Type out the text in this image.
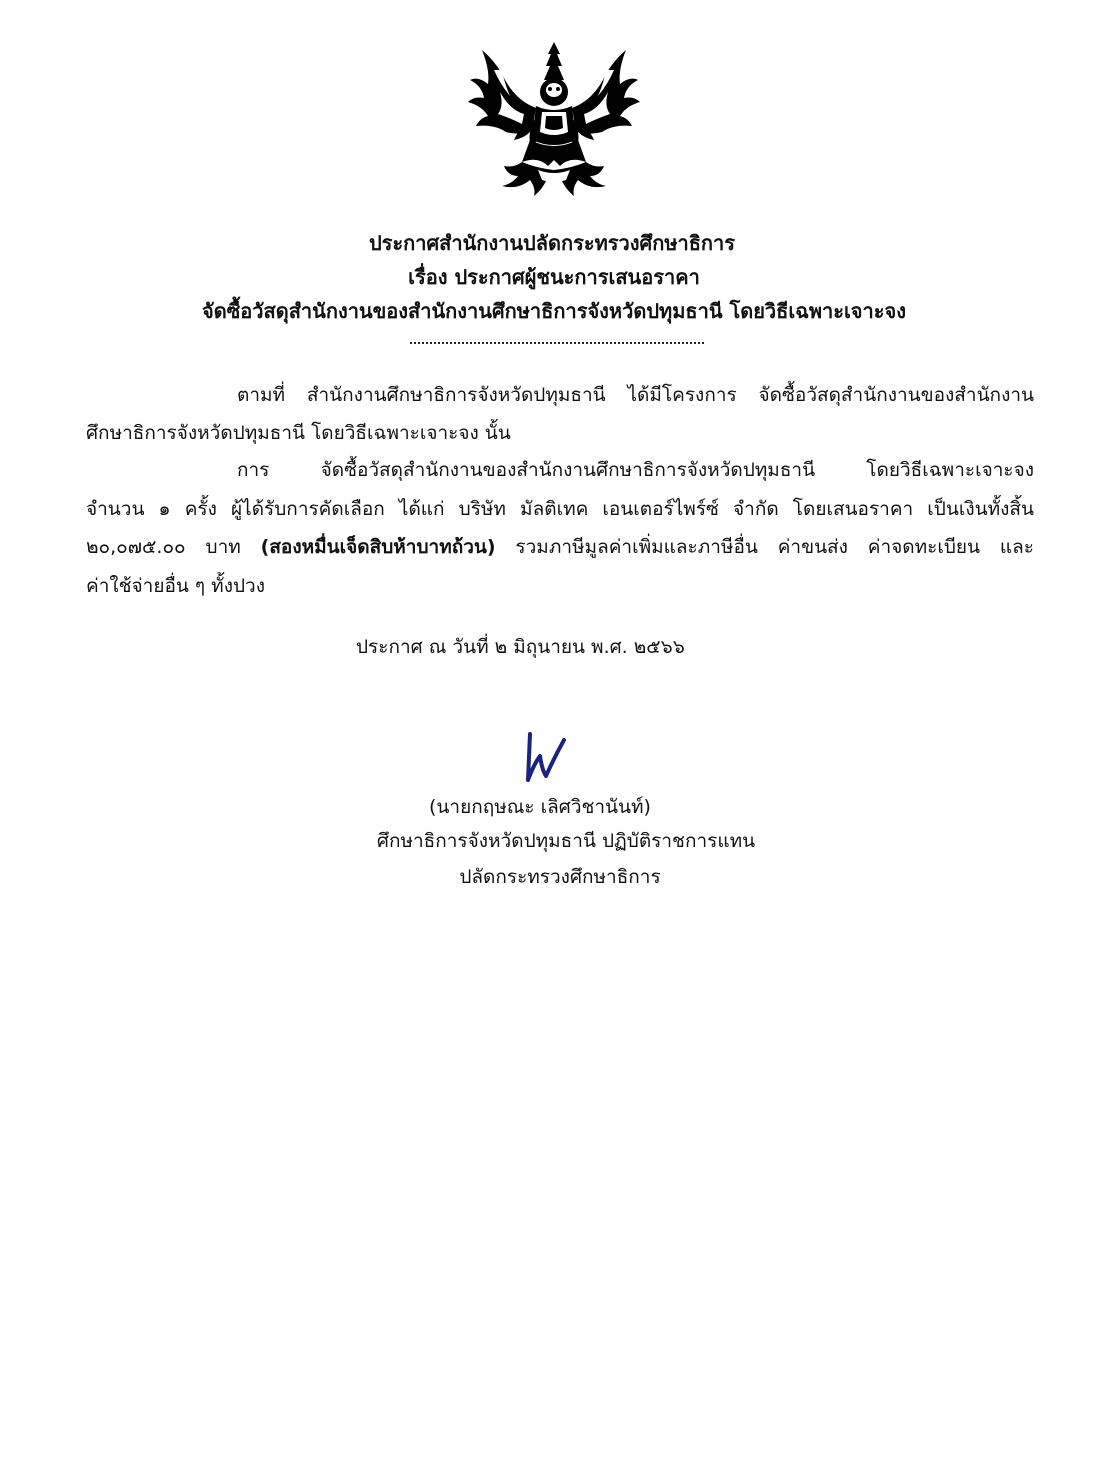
ประกาศสำนักงานปลัดกระทรวงศึกษาธิการ
เรื่อง ประกาศผู้ชนะการเสนอราคา
จัดซื้อวัสดุสำนักงานของสำนักงานศึกษาธิการจังหวัดปทุมธานี โดยวิธีเฉพาะเจาะจง
ตามที่ สำนักงานศึกษาธิการจังหวัดปทุมธานี ได้มีโครงการ จัดซื้อวัสดุสำนักงานของสำนักงาน
ศึกษาธิการจังหวัดปทุมธานี โดยวิธีเฉพาะเจาะจง นั้น
การ จัดซื้อวัสดุสำนักงานของสำนักงานศึกษาธิการจังหวัดปทุมธานี โดยวิธีเฉพาะเจาะจง
จำนวน ๑ ครั้ง ผู้ได้รับการคัดเลือก ได้แก่ บริษัท มัลติเทค เอนเตอร์ไพร์ซ์ จำกัด โดยเสนอราคา เป็นเงินทั้งสิ้น
๒๐,๐๗๕.๐๐ บาท (สองหมื่นเจ็ดสิบห้าบาทถ้วน) รวมภาษีมูลค่าเพิ่มและภาษีอื่น ค่าขนส่ง ค่าจดทะเบียน และ
ค่าใช้จ่ายอื่น ๆ ทั้งปวง
ประกาศ ณ วันที่ ๒ มิถุนายน พ.ศ. ๒๕๖๖
(นายกฤษณะ เลิศวิชานันท์)
ศึกษาธิการจังหวัดปทุมธานี ปฏิบัติราชการแทน
ปลัดกระทรวงศึกษาธิการ
